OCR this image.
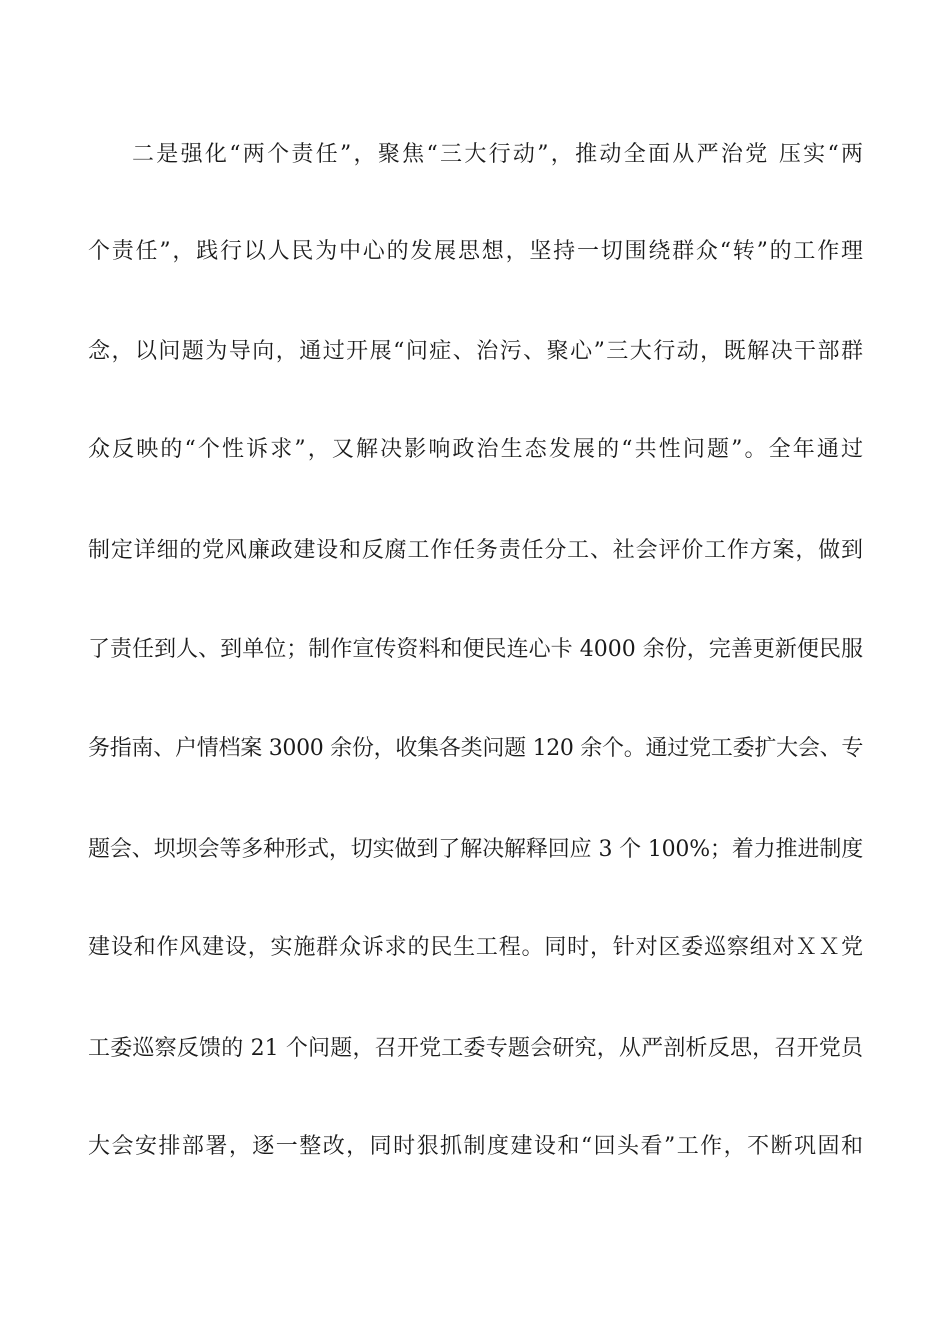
二是强化“两个责任”，聚焦“三大行动”，推动全面从严治党 压实“两
个责任”，践行以人民为中心的发展思想，坚持一切围绕群众“转”的工作理
念，以问题为导向，通过开展“问症、治污、聚心”三大行动，既解决干部群
众反映的“个性诉求”，又解决影响政治生态发展的“共性问题”。全年通过
制定详细的党风廉政建设和反腐工作任务责任分工、社会评价工作方案，做到
了责任到人、到单位；制作宣传资料和便民连心卡 4000 余份，完善更新便民服
务指南、户情档案 3000 余份，收集各类问题 120 余个。通过党工委扩大会、专
题会、坝坝会等多种形式，切实做到了解决解释回应 3 个 100%；着力推进制度
建设和作风建设，实施群众诉求的民生工程。同时，针对区委巡察组对ＸＸ党
工委巡察反馈的 21 个问题，召开党工委专题会研究，从严剖析反思，召开党员
大会安排部署，逐一整改，同时狠抓制度建设和“回头看”工作，不断巩固和
